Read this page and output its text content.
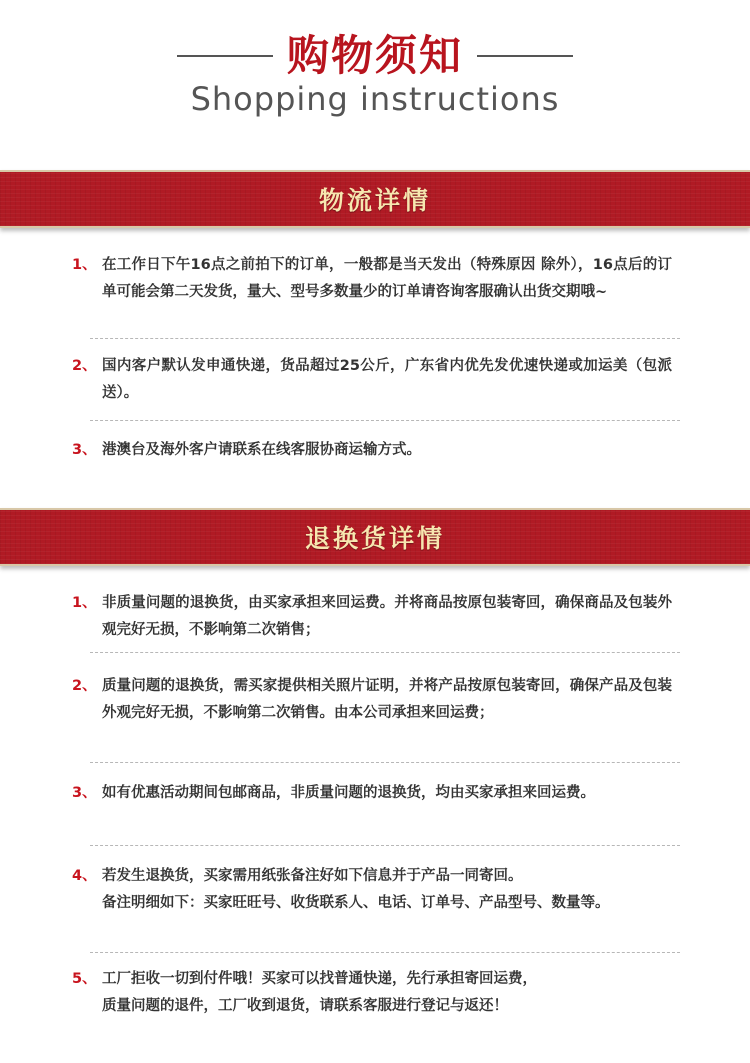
购物须知
Shopping instructions
物流详情
1、 在工作日下午16点之前拍下的订单，一般都是当天发出（特殊原因 除外），16点后的订单可能会第二天发货，量大、型号多数量少的订单请咨询客服确认出货交期哦~
2、 国内客户默认发申通快递，货品超过25公斤，广东省内优先发优速快递或加运美（包派送）。
3、 港澳台及海外客户请联系在线客服协商运输方式。
退换货详情
1、 非质量问题的退换货，由买家承担来回运费。并将商品按原包装寄回，确保商品及包装外观完好无损，不影响第二次销售；
2、 质量问题的退换货，需买家提供相关照片证明，并将产品按原包装寄回，确保产品及包装外观完好无损，不影响第二次销售。由本公司承担来回运费；
3、 如有优惠活动期间包邮商品，非质量问题的退换货，均由买家承担来回运费。
4、 若发生退换货，买家需用纸张备注好如下信息并于产品一同寄回。
备注明细如下：买家旺旺号、收货联系人、电话、订单号、产品型号、数量等。
5、 工厂拒收一切到付件哦！买家可以找普通快递，先行承担寄回运费，
质量问题的退件，工厂收到退货，请联系客服进行登记与返还！
